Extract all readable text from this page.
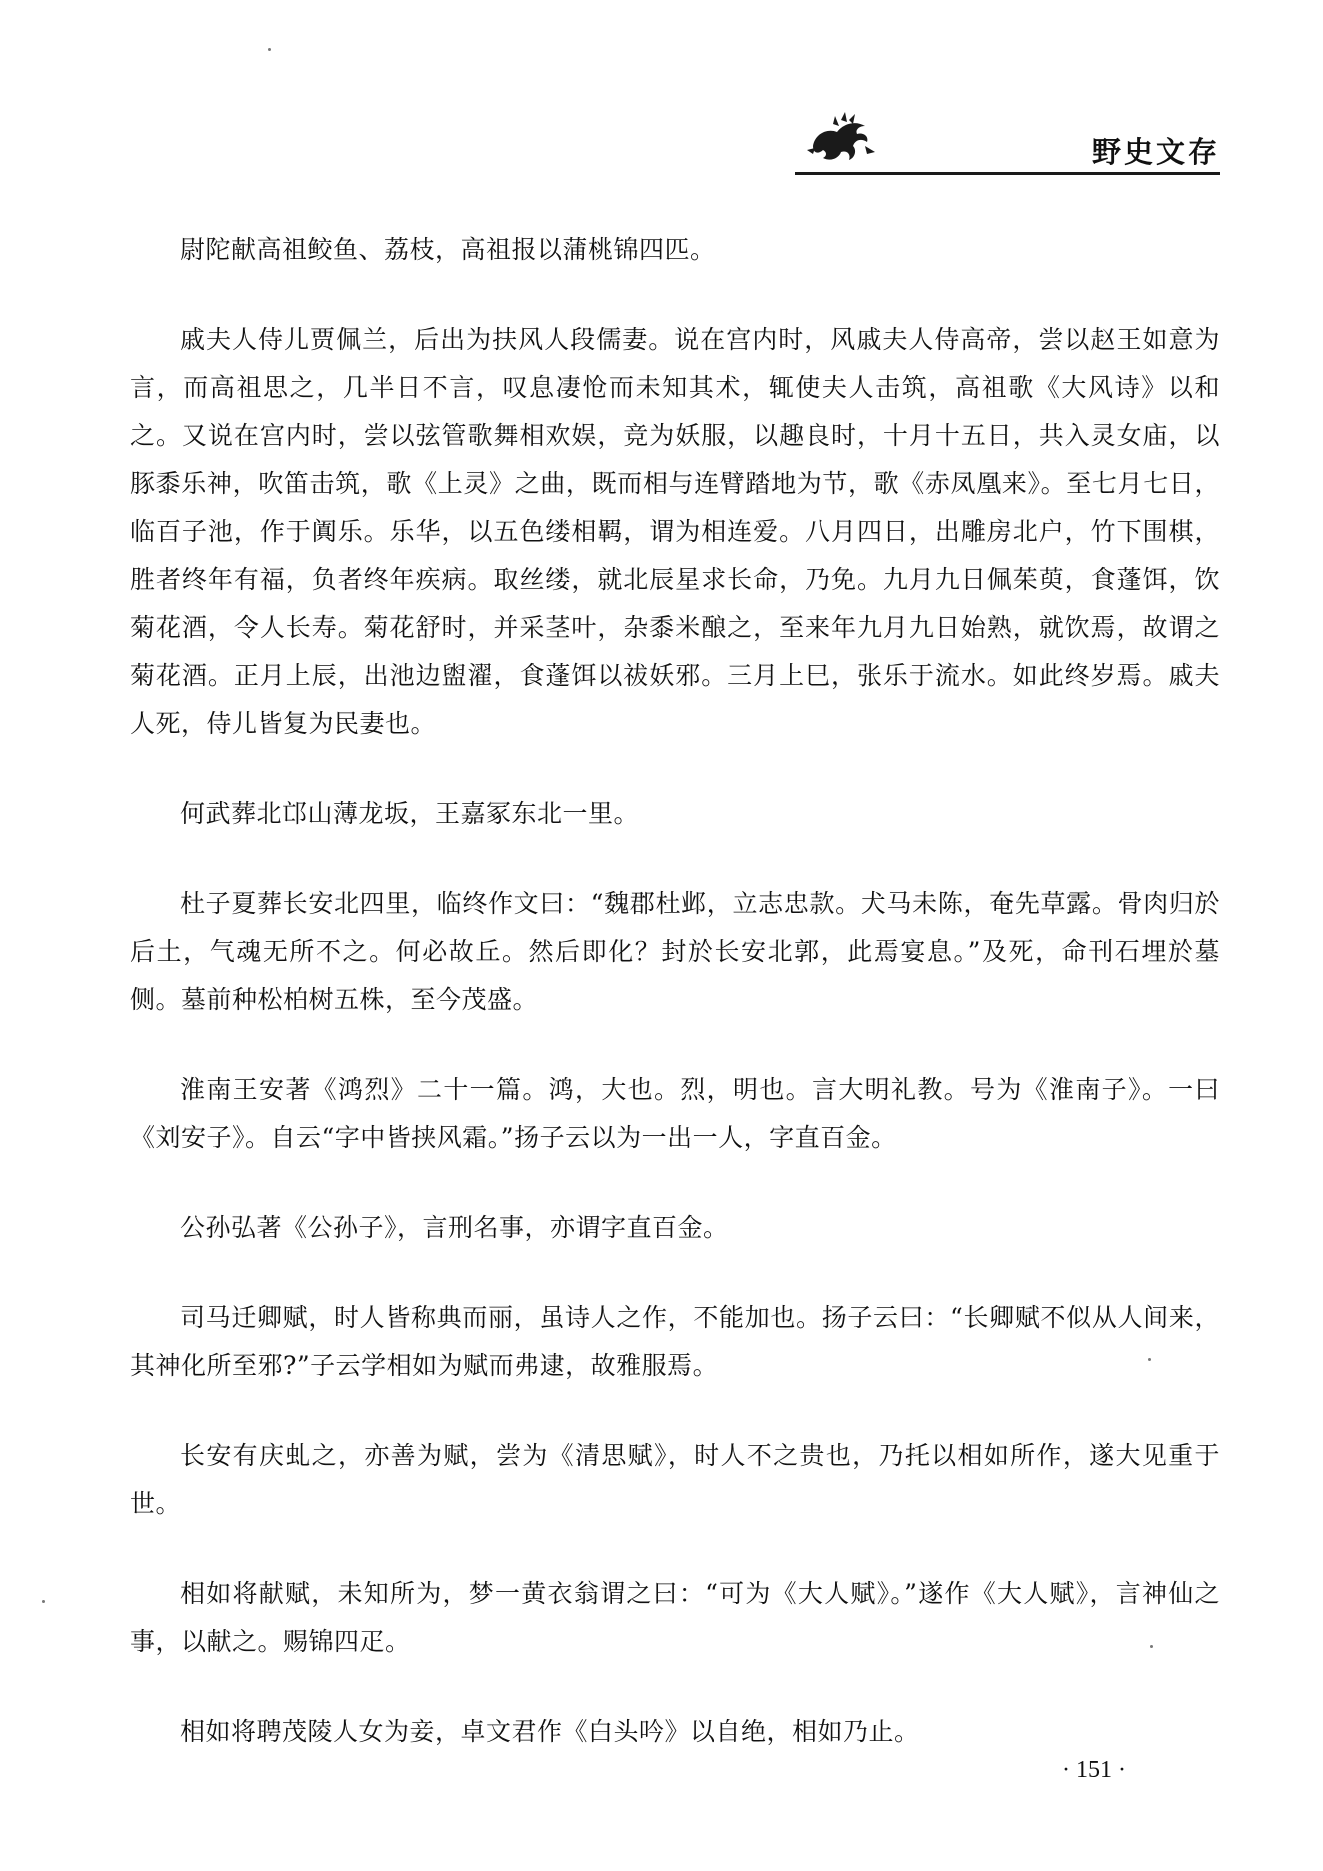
野史文存

尉陀献高祖鲛鱼、荔枝，高祖报以蒲桃锦四匹。

戚夫人侍儿贾佩兰，后出为扶风人段儒妻。说在宫内时，风戚夫人侍高帝，尝以赵王如意为言，而高祖思之，几半日不言，叹息凄怆而未知其术，辄使夫人击筑，高祖歌《大风诗》以和之。又说在宫内时，尝以弦管歌舞相欢娱，竞为妖服，以趣良时，十月十五日，共入灵女庙，以豚黍乐神，吹笛击筑，歌《上灵》之曲，既而相与连臂踏地为节，歌《赤凤凰来》。至七月七日，临百子池，作于阗乐。乐华，以五色缕相羁，谓为相连爱。八月四日，出雕房北户，竹下围棋，胜者终年有福，负者终年疾病。取丝缕，就北辰星求长命，乃免。九月九日佩茱萸，食蓬饵，饮菊花酒，令人长寿。菊花舒时，并采茎叶，杂黍米酿之，至来年九月九日始熟，就饮焉，故谓之菊花酒。正月上辰，出池边盥濯，食蓬饵以祓妖邪。三月上巳，张乐于流水。如此终岁焉。戚夫人死，侍儿皆复为民妻也。

何武葬北邙山薄龙坂，王嘉冢东北一里。

杜子夏葬长安北四里，临终作文曰：“魏郡杜邺，立志忠款。犬马未陈，奄先草露。骨肉归於后土，气魂无所不之。何必故丘。然后即化？封於长安北郭，此焉宴息。”及死，命刊石埋於墓侧。墓前种松柏树五株，至今茂盛。

淮南王安著《鸿烈》二十一篇。鸿，大也。烈，明也。言大明礼教。号为《淮南子》。一曰《刘安子》。自云“字中皆挟风霜。”扬子云以为一出一人，字直百金。

公孙弘著《公孙子》，言刑名事，亦谓字直百金。

司马迁卿赋，时人皆称典而丽，虽诗人之作，不能加也。扬子云曰：“长卿赋不似从人间来，其神化所至邪?”子云学相如为赋而弗逮，故雅服焉。

长安有庆虬之，亦善为赋，尝为《清思赋》，时人不之贵也，乃托以相如所作，遂大见重于世。

相如将献赋，未知所为，梦一黄衣翁谓之曰：“可为《大人赋》。”遂作《大人赋》，言神仙之事，以献之。赐锦四疋。

相如将聘茂陵人女为妾，卓文君作《白头吟》以自绝，相如乃止。

· 151 ·
